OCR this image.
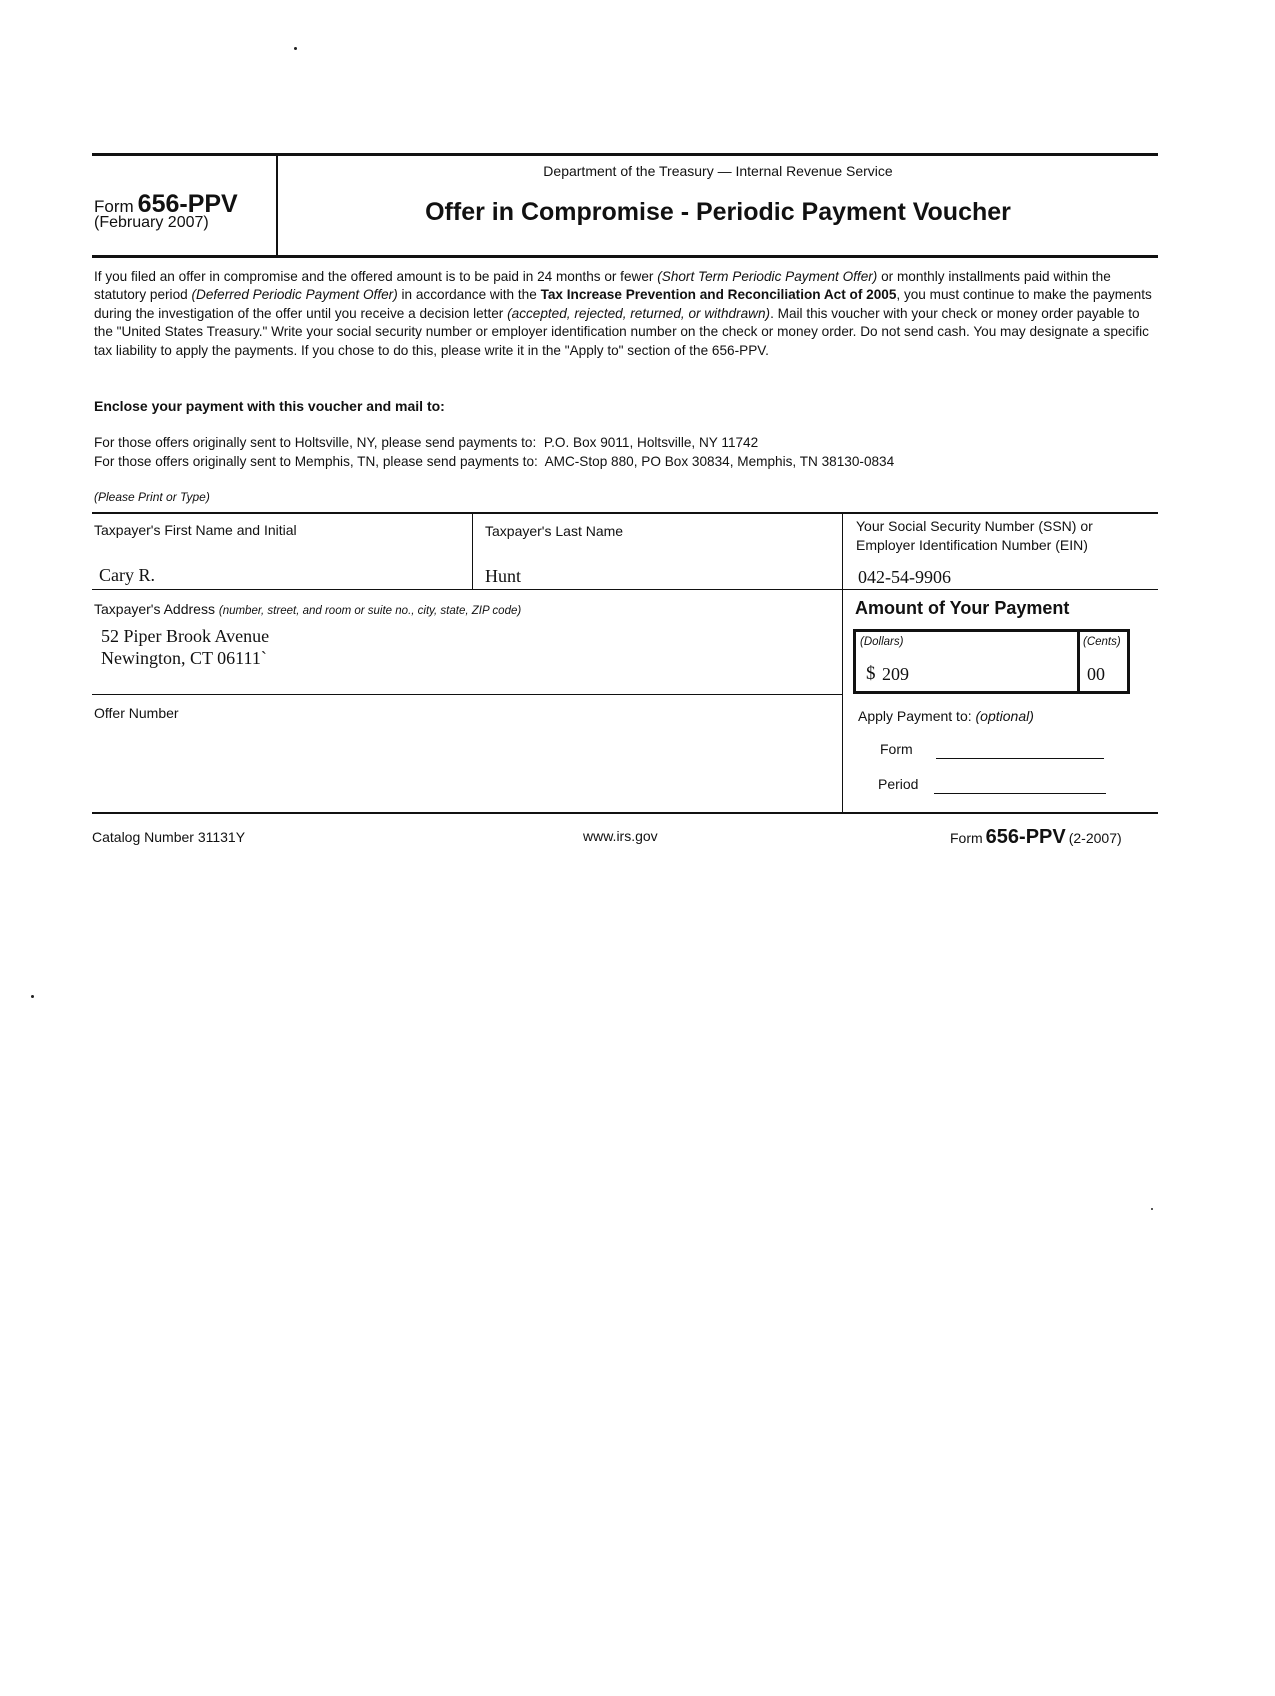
Form 656-PPV
(February 2007)
Department of the Treasury — Internal Revenue Service
Offer in Compromise - Periodic Payment Voucher
If you filed an offer in compromise and the offered amount is to be paid in 24 months or fewer (Short Term Periodic Payment Offer) or monthly installments paid within the statutory period (Deferred Periodic Payment Offer) in accordance with the Tax Increase Prevention and Reconciliation Act of 2005, you must continue to make the payments during the investigation of the offer until you receive a decision letter (accepted, rejected, returned, or withdrawn). Mail this voucher with your check or money order payable to the "United States Treasury." Write your social security number or employer identification number on the check or money order. Do not send cash. You may designate a specific tax liability to apply the payments. If you chose to do this, please write it in the "Apply to" section of the 656-PPV.
Enclose your payment with this voucher and mail to:
For those offers originally sent to Holtsville, NY, please send payments to:  P.O. Box 9011, Holtsville, NY 11742
For those offers originally sent to Memphis, TN, please send payments to:  AMC-Stop 880, PO Box 30834, Memphis, TN 38130-0834
(Please Print or Type)
Taxpayer's First Name and Initial
Cary R.
Taxpayer's Last Name
Hunt
Your Social Security Number (SSN) or
Employer Identification Number (EIN)
042-54-9906
Taxpayer's Address (number, street, and room or suite no., city, state, ZIP code)
52 Piper Brook Avenue
Newington, CT 06111`
Offer Number
Amount of Your Payment
(Dollars)	(Cents)
$ 209	00
Apply Payment to: (optional)
Form
Period
Catalog Number 31131Y	www.irs.gov	Form 656-PPV (2-2007)
